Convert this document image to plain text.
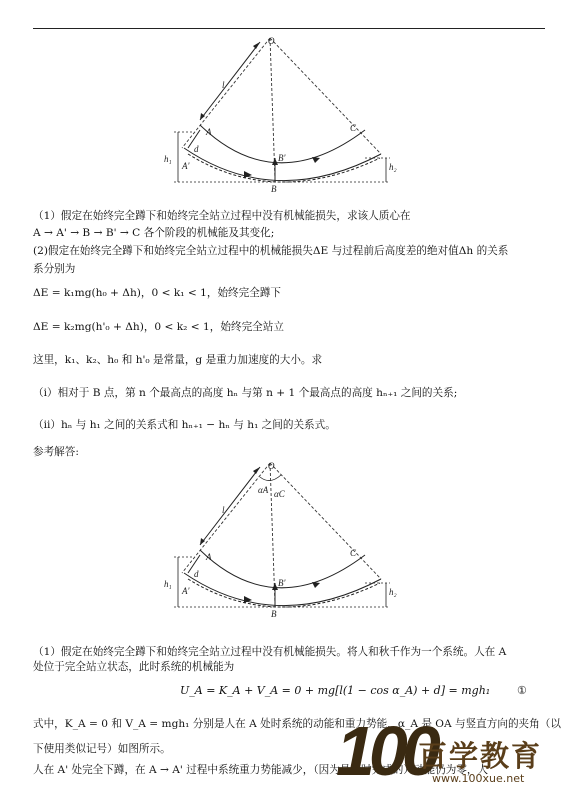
O
l
A
d
A'
C
B'
B
h₁
h₂
（1）假定在始终完全蹲下和始终完全站立过程中没有机械能损失，求该人质心在
A → A' → B → B' → C 各个阶段的机械能及其变化;
(2)假定在始终完全蹲下和始终完全站立过程中的机械能损失ΔE 与过程前后高度差的绝对值Δh 的关系
系分别为
ΔE = k₁mg(h₀ + Δh)，0 < k₁ < 1，始终完全蹲下
ΔE = k₂mg(h'₀ + Δh)，0 < k₂ < 1，始终完全站立
这里，k₁、k₂、h₀ 和 h'₀ 是常量，g 是重力加速度的大小。求
（i）相对于 B 点，第 n 个最高点的高度 hₙ 与第 n + 1 个最高点的高度 hₙ₊₁ 之间的关系;
（ii）hₙ 与 h₁ 之间的关系式和 hₙ₊₁ − hₙ 与 h₁ 之间的关系式。
参考解答:
O
αA αC
l
A
d
A'
C
B'
B
h₁
h₂
（1）假定在始终完全蹲下和始终完全站立过程中没有机械能损失。将人和秋千作为一个系统。人在 A
处位于完全站立状态，此时系统的机械能为
U_A = K_A + V_A = 0 + mg[l(1 − cos α_A) + d] = mgh₁ ①
式中，K_A = 0 和 V_A = mgh₁ 分别是人在 A 处时系统的动能和重力势能，α_A 是 OA 与竖直方向的夹角（以
下使用类似记号）如图所示。
人在 A' 处完全下蹲，在 A → A' 过程中系统重力势能减少，（因为是瞬时完成的）动能仍为零，人
100
百学教育
www.100xue.net
